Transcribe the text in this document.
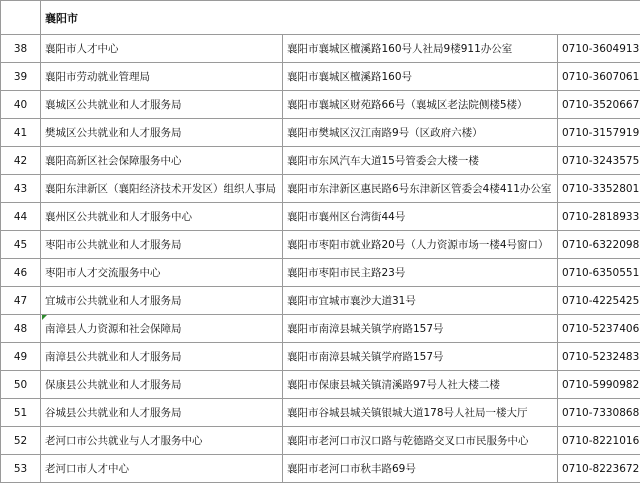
	襄阳市		
38	襄阳市人才中心	襄阳市襄城区檀溪路160号人社局9楼911办公室	0710-3604913
39	襄阳市劳动就业管理局	襄阳市襄城区檀溪路160号	0710-3607061
40	襄城区公共就业和人才服务局	襄阳市襄城区财苑路66号（襄城区老法院侧楼5楼）	0710-3520667
41	樊城区公共就业和人才服务局	襄阳市樊城区汉江南路9号（区政府六楼）	0710-3157919
42	襄阳高新区社会保障服务中心	襄阳市东风汽车大道15号管委会大楼一楼	0710-3243575
43	襄阳东津新区（襄阳经济技术开发区）组织人事局	襄阳市东津新区惠民路6号东津新区管委会4楼411办公室	0710-3352801
44	襄州区公共就业和人才服务中心	襄阳市襄州区台湾街44号	0710-2818933
45	枣阳市公共就业和人才服务局	襄阳市枣阳市就业路20号（人力资源市场一楼4号窗口）	0710-6322098
46	枣阳市人才交流服务中心	襄阳市枣阳市民主路23号	0710-6350551
47	宜城市公共就业和人才服务局	襄阳市宜城市襄沙大道31号	0710-4225425
48	南漳县人力资源和社会保障局	襄阳市南漳县城关镇学府路157号	0710-5237406
49	南漳县公共就业和人才服务局	襄阳市南漳县城关镇学府路157号	0710-5232483
50	保康县公共就业和人才服务局	襄阳市保康县城关镇清溪路97号人社大楼二楼	0710-5990982
51	谷城县公共就业和人才服务局	襄阳市谷城县城关镇银城大道178号人社局一楼大厅	0710-7330868
52	老河口市公共就业与人才服务中心	襄阳市老河口市汉口路与乾德路交叉口市民服务中心	0710-8221016
53	老河口市人才中心	襄阳市老河口市秋丰路69号	0710-8223672
